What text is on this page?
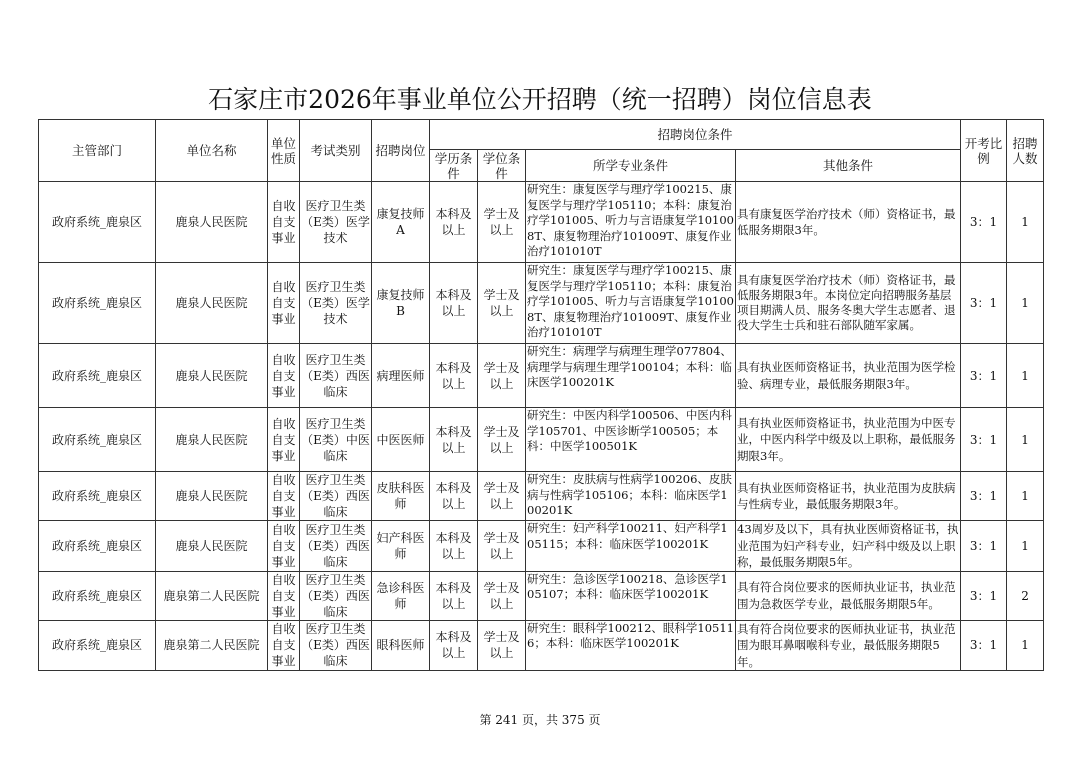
石家庄市2026年事业单位公开招聘（统一招聘）岗位信息表
主管部门	单位名称	单位性质	考试类别	招聘岗位	招聘岗位条件				开考比例	招聘人数
					学历条件	学位条件	所学专业条件	其他条件		
政府系统_鹿泉区	鹿泉人民医院	自收自支事业	医疗卫生类（E类）医学技术	康复技师A	本科及以上	学士及以上	研究生：康复医学与理疗学100215、康复医学与理疗学105110；本科：康复治疗学101005、听力与言语康复学101008T、康复物理治疗101009T、康复作业治疗101010T	具有康复医学治疗技术（师）资格证书，最低服务期限3年。	3：1	1
政府系统_鹿泉区	鹿泉人民医院	自收自支事业	医疗卫生类（E类）医学技术	康复技师B	本科及以上	学士及以上	研究生：康复医学与理疗学100215、康复医学与理疗学105110；本科：康复治疗学101005、听力与言语康复学101008T、康复物理治疗101009T、康复作业治疗101010T	具有康复医学治疗技术（师）资格证书，最低服务期限3年。本岗位定向招聘服务基层项目期满人员、服务冬奥大学生志愿者、退役大学生士兵和驻石部队随军家属。	3：1	1
政府系统_鹿泉区	鹿泉人民医院	自收自支事业	医疗卫生类（E类）西医临床	病理医师	本科及以上	学士及以上	研究生：病理学与病理生理学077804、病理学与病理生理学100104；本科：临床医学100201K	具有执业医师资格证书，执业范围为医学检验、病理专业，最低服务期限3年。	3：1	1
政府系统_鹿泉区	鹿泉人民医院	自收自支事业	医疗卫生类（E类）中医临床	中医医师	本科及以上	学士及以上	研究生：中医内科学100506、中医内科学105701、中医诊断学100505；本科：中医学100501K	具有执业医师资格证书，执业范围为中医专业，中医内科学中级及以上职称，最低服务期限3年。	3：1	1
政府系统_鹿泉区	鹿泉人民医院	自收自支事业	医疗卫生类（E类）西医临床	皮肤科医师	本科及以上	学士及以上	研究生：皮肤病与性病学100206、皮肤病与性病学105106；本科：临床医学100201K	具有执业医师资格证书，执业范围为皮肤病与性病专业，最低服务期限3年。	3：1	1
政府系统_鹿泉区	鹿泉人民医院	自收自支事业	医疗卫生类（E类）西医临床	妇产科医师	本科及以上	学士及以上	研究生：妇产科学100211、妇产科学105115；本科：临床医学100201K	43周岁及以下，具有执业医师资格证书，执业范围为妇产科专业，妇产科中级及以上职称，最低服务期限5年。	3：1	1
政府系统_鹿泉区	鹿泉第二人民医院	自收自支事业	医疗卫生类（E类）西医临床	急诊科医师	本科及以上	学士及以上	研究生：急诊医学100218、急诊医学105107；本科：临床医学100201K	具有符合岗位要求的医师执业证书，执业范围为急救医学专业，最低服务期限5年。	3：1	2
政府系统_鹿泉区	鹿泉第二人民医院	自收自支事业	医疗卫生类（E类）西医临床	眼科医师	本科及以上	学士及以上	研究生：眼科学100212、眼科学105116；本科：临床医学100201K	具有符合岗位要求的医师执业证书，执业范围为眼耳鼻咽喉科专业，最低服务期限5年。	3：1	1
第 241 页，共 375 页
